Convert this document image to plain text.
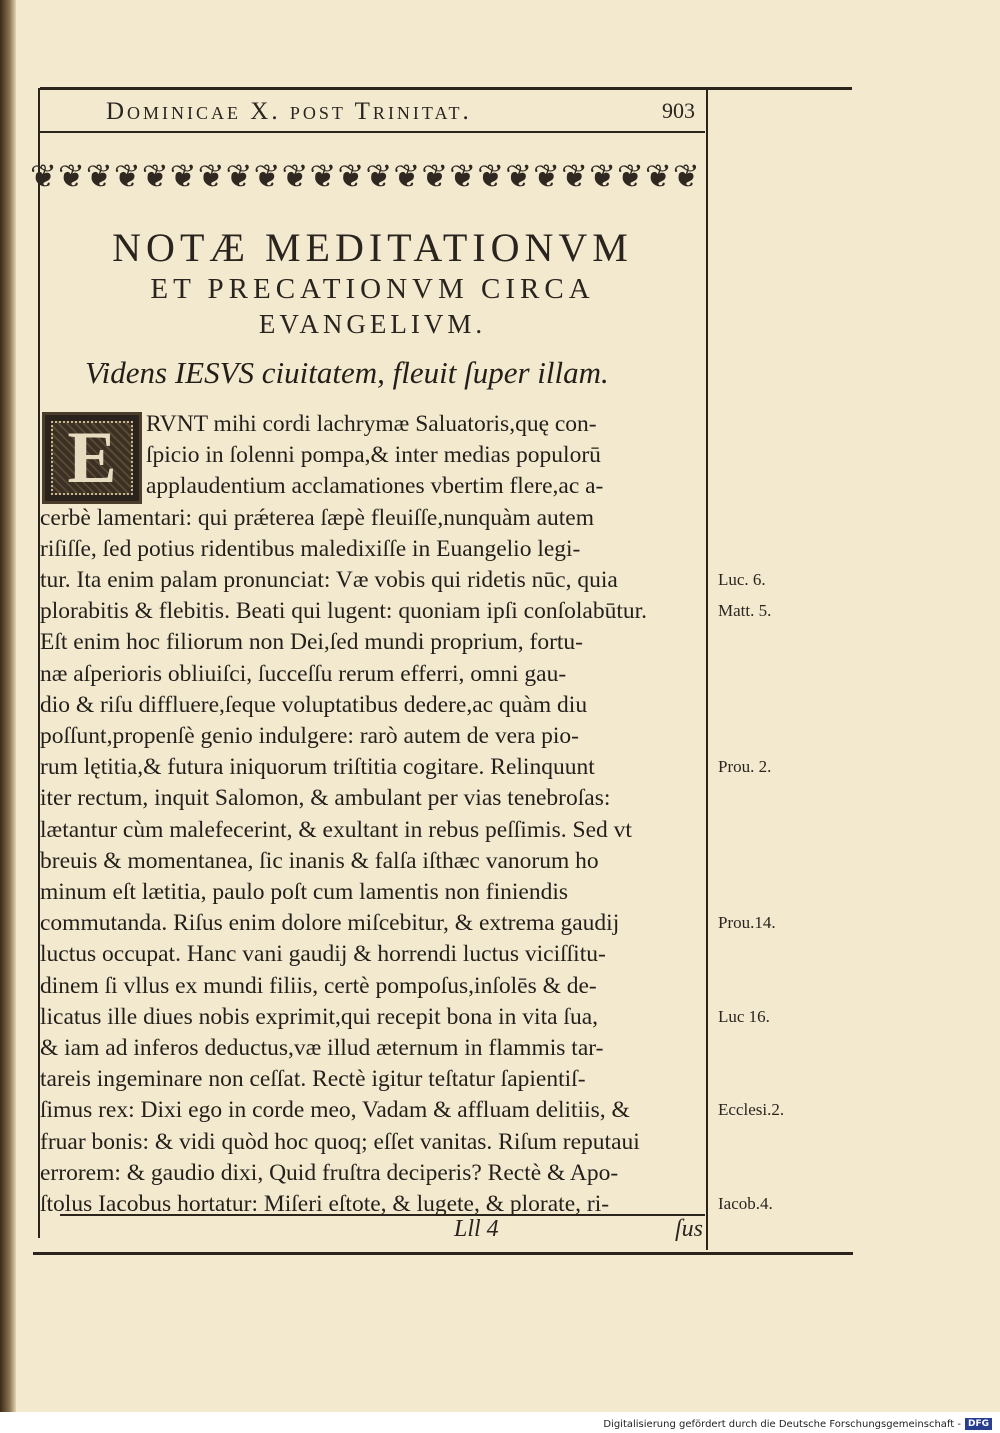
Dominicae X. post Trinitat.	903
❦ ❦ ❦ ❦ ❦ ❦ ❦ ❦ ❦ ❦ ❦ ❦ ❦ ❦ ❦ ❦ ❦ ❦ ❦ ❦ ❦ ❦ ❦ ❦
NOTÆ MEDITATIONVM
ET PRECATIONVM CIRCA
EVANGELIVM.
Videns IESVS ciuitatem, fleuit ſuper illam.
E	RVNT mihi cordi lachrymæ Saluatoris,quę con-
ſpicio in ſolenni pompa,& inter medias populorū
applaudentium acclamationes vbertim flere,ac a-
cerbè lamentari: qui prǽterea ſæpè fleuiſſe,nunquàm autem
riſiſſe, ſed potius ridentibus maledixiſſe in Euangelio legi-
tur. Ita enim palam pronunciat: Væ vobis qui ridetis nūc, quia
plorabitis & flebitis. Beati qui lugent: quoniam ipſi conſolabūtur.
Eſt enim hoc filiorum non Dei,ſed mundi proprium, fortu-
næ aſperioris obliuiſci, ſucceſſu rerum efferri, omni gau-
dio & riſu diffluere,ſeque voluptatibus dedere,ac quàm diu
poſſunt,propenſè genio indulgere: rarò autem de vera pio-
rum lętitia,& futura iniquorum triſtitia cogitare. Relinquunt
iter rectum, inquit Salomon, & ambulant per vias tenebroſas:
lætantur cùm malefecerint, & exultant in rebus peſſimis. Sed vt
breuis & momentanea, ſic inanis & falſa iſthæc vanorum ho
minum eſt lætitia, paulo poſt cum lamentis non finiendis
commutanda. Riſus enim dolore miſcebitur, & extrema gaudij
luctus occupat. Hanc vani gaudij & horrendi luctus viciſſitu-
dinem ſi vllus ex mundi filiis, certè pompoſus,inſolēs & de-
licatus ille diues nobis exprimit,qui recepit bona in vita ſua,
& iam ad inferos deductus,væ illud æternum in flammis tar-
tareis ingeminare non ceſſat. Rectè igitur teſtatur ſapientiſ-
ſimus rex: Dixi ego in corde meo, Vadam & affluam delitiis, &
fruar bonis: & vidi quòd hoc quoq; eſſet vanitas. Riſum reputaui
errorem: & gaudio dixi, Quid fruſtra deciperis? Rectè & Apo-
ſtolus Iacobus hortatur: Miſeri eſtote, & lugete, & plorate, ri-
Luc. 6.
Matt. 5.
Prou. 2.
Prou.14.
Luc 16.
Ecclesi.2.
Iacob.4.
Lll 4	ſus
Digitalisierung gefördert durch die Deutsche Forschungsgemeinschaft - DFG
